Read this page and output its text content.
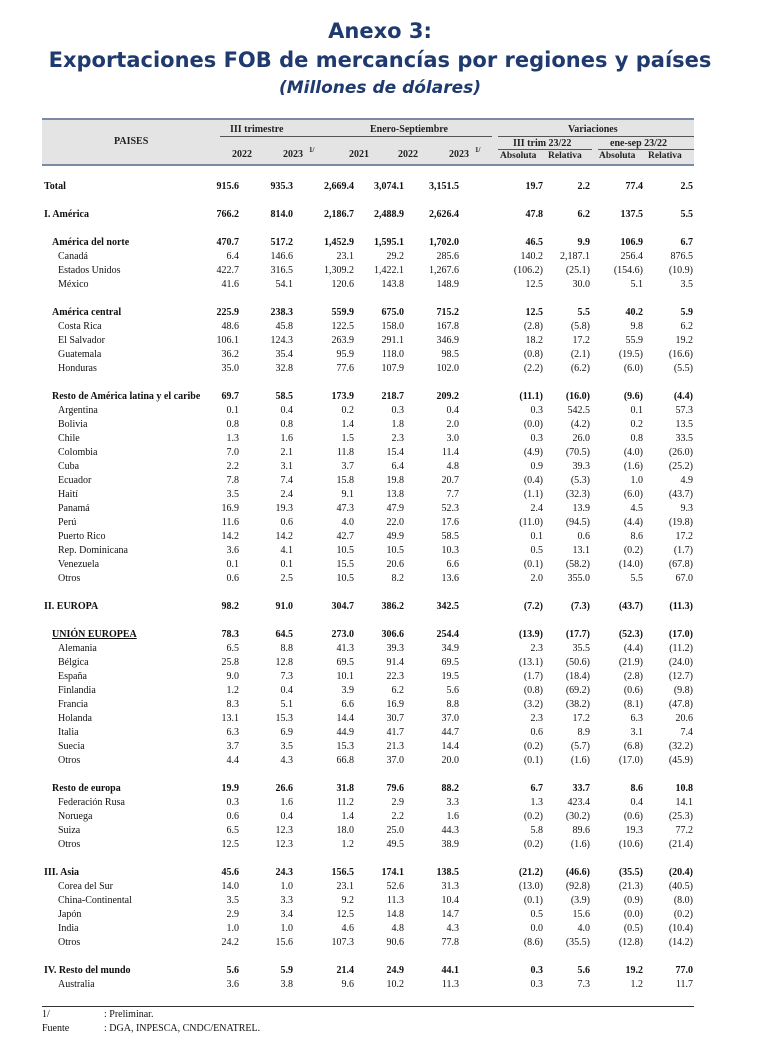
Anexo 3:
Exportaciones FOB de mercancías por regiones y países
(Millones de dólares)
PAISES
III trimestre	Enero-Septiembre	Variaciones
III trim 23/22	ene-sep 23/22
2022	2023 1/	2021	2022	2023 1/
Absoluta Relativa Absoluta Relativa
Total	915.6	935.3	2,669.4 3,074.1	3,151.5	19.7	2.2	77.4	2.5
I. América	766.2	814.0	2,186.7 2,488.9	2,626.4	47.8	6.2	137.5	5.5
América del norte	470.7	517.2	1,452.9 1,595.1	1,702.0	46.5	9.9	106.9	6.7
Canadá	6.4	146.6	23.1	29.2	285.6	140.2 2,187.1	256.4	876.5
Estados Unidos	422.7	316.5	1,309.2 1,422.1	1,267.6	(106.2) (25.1) (154.6)	(10.9)
México	41.6	54.1	120.6	143.8	148.9	12.5	30.0	5.1	3.5
América central	225.9	238.3	559.9	675.0	715.2	12.5	5.5	40.2	5.9
Costa Rica	48.6	45.8	122.5	158.0	167.8	(2.8)	(5.8)	9.8	6.2
El Salvador	106.1	124.3	263.9	291.1	346.9	18.2	17.2	55.9	19.2
Guatemala	36.2	35.4	95.9	118.0	98.5	(0.8)	(2.1)	(19.5)	(16.6)
Honduras	35.0	32.8	77.6	107.9	102.0	(2.2)	(6.2)	(6.0)	(5.5)
Resto de América latina y el caribe 69.7	58.5	173.9	218.7	209.2	(11.1) (16.0)	(9.6)	(4.4)
Argentina	0.1	0.4	0.2	0.3	0.4	0.3 542.5	0.1	57.3
Bolivia	0.8	0.8	1.4	1.8	2.0	(0.0)	(4.2)	0.2	13.5
Chile	1.3	1.6	1.5	2.3	3.0	0.3	26.0	0.8	33.5
Colombia	7.0	2.1	11.8	15.4	11.4	(4.9) (70.5)	(4.0)	(26.0)
Cuba	2.2	3.1	3.7	6.4	4.8	0.9	39.3	(1.6)	(25.2)
Ecuador	7.8	7.4	15.8	19.8	20.7	(0.4)	(5.3)	1.0	4.9
Haití	3.5	2.4	9.1	13.8	7.7	(1.1) (32.3)	(6.0)	(43.7)
Panamá	16.9	19.3	47.3	47.9	52.3	2.4	13.9	4.5	9.3
Perú	11.6	0.6	4.0	22.0	17.6	(11.0) (94.5)	(4.4)	(19.8)
Puerto Rico	14.2	14.2	42.7	49.9	58.5	0.1	0.6	8.6	17.2
Rep. Dominicana	3.6	4.1	10.5	10.5	10.3	0.5	13.1	(0.2)	(1.7)
Venezuela	0.1	0.1	15.5	20.6	6.6	(0.1) (58.2)	(14.0)	(67.8)
Otros	0.6	2.5	10.5	8.2	13.6	2.0 355.0	5.5	67.0
II. EUROPA	98.2	91.0	304.7	386.2	342.5	(7.2)	(7.3)	(43.7)	(11.3)
UNIÓN EUROPEA	78.3	64.5	273.0	306.6	254.4	(13.9) (17.7)	(52.3)	(17.0)
Alemania	6.5	8.8	41.3	39.3	34.9	2.3	35.5	(4.4)	(11.2)
Bélgica	25.8	12.8	69.5	91.4	69.5	(13.1) (50.6)	(21.9)	(24.0)
España	9.0	7.3	10.1	22.3	19.5	(1.7) (18.4)	(2.8)	(12.7)
Finlandia	1.2	0.4	3.9	6.2	5.6	(0.8) (69.2)	(0.6)	(9.8)
Francia	8.3	5.1	6.6	16.9	8.8	(3.2) (38.2)	(8.1)	(47.8)
Holanda	13.1	15.3	14.4	30.7	37.0	2.3	17.2	6.3	20.6
Italia	6.3	6.9	44.9	41.7	44.7	0.6	8.9	3.1	7.4
Suecia	3.7	3.5	15.3	21.3	14.4	(0.2)	(5.7)	(6.8)	(32.2)
Otros	4.4	4.3	66.8	37.0	20.0	(0.1)	(1.6)	(17.0)	(45.9)
Resto de europa	19.9	26.6	31.8	79.6	88.2	6.7	33.7	8.6	10.8
Federación Rusa	0.3	1.6	11.2	2.9	3.3	1.3 423.4	0.4	14.1
Noruega	0.6	0.4	1.4	2.2	1.6	(0.2) (30.2)	(0.6)	(25.3)
Suiza	6.5	12.3	18.0	25.0	44.3	5.8	89.6	19.3	77.2
Otros	12.5	12.3	1.2	49.5	38.9	(0.2)	(1.6)	(10.6)	(21.4)
III. Asia	45.6	24.3	156.5	174.1	138.5	(21.2) (46.6)	(35.5)	(20.4)
Corea del Sur	14.0	1.0	23.1	52.6	31.3	(13.0) (92.8)	(21.3)	(40.5)
China-Continental	3.5	3.3	9.2	11.3	10.4	(0.1)	(3.9)	(0.9)	(8.0)
Japón	2.9	3.4	12.5	14.8	14.7	0.5	15.6	(0.0)	(0.2)
India	1.0	1.0	4.6	4.8	4.3	0.0	4.0	(0.5)	(10.4)
Otros	24.2	15.6	107.3	90.6	77.8	(8.6) (35.5)	(12.8)	(14.2)
IV. Resto del mundo	5.6	5.9	21.4	24.9	44.1	0.3	5.6	19.2	77.0
Australia	3.6	3.8	9.6	10.2	11.3	0.3	7.3	1.2	11.7
1/	: Preliminar.
Fuente	: DGA, INPESCA, CNDC/ENATREL.
